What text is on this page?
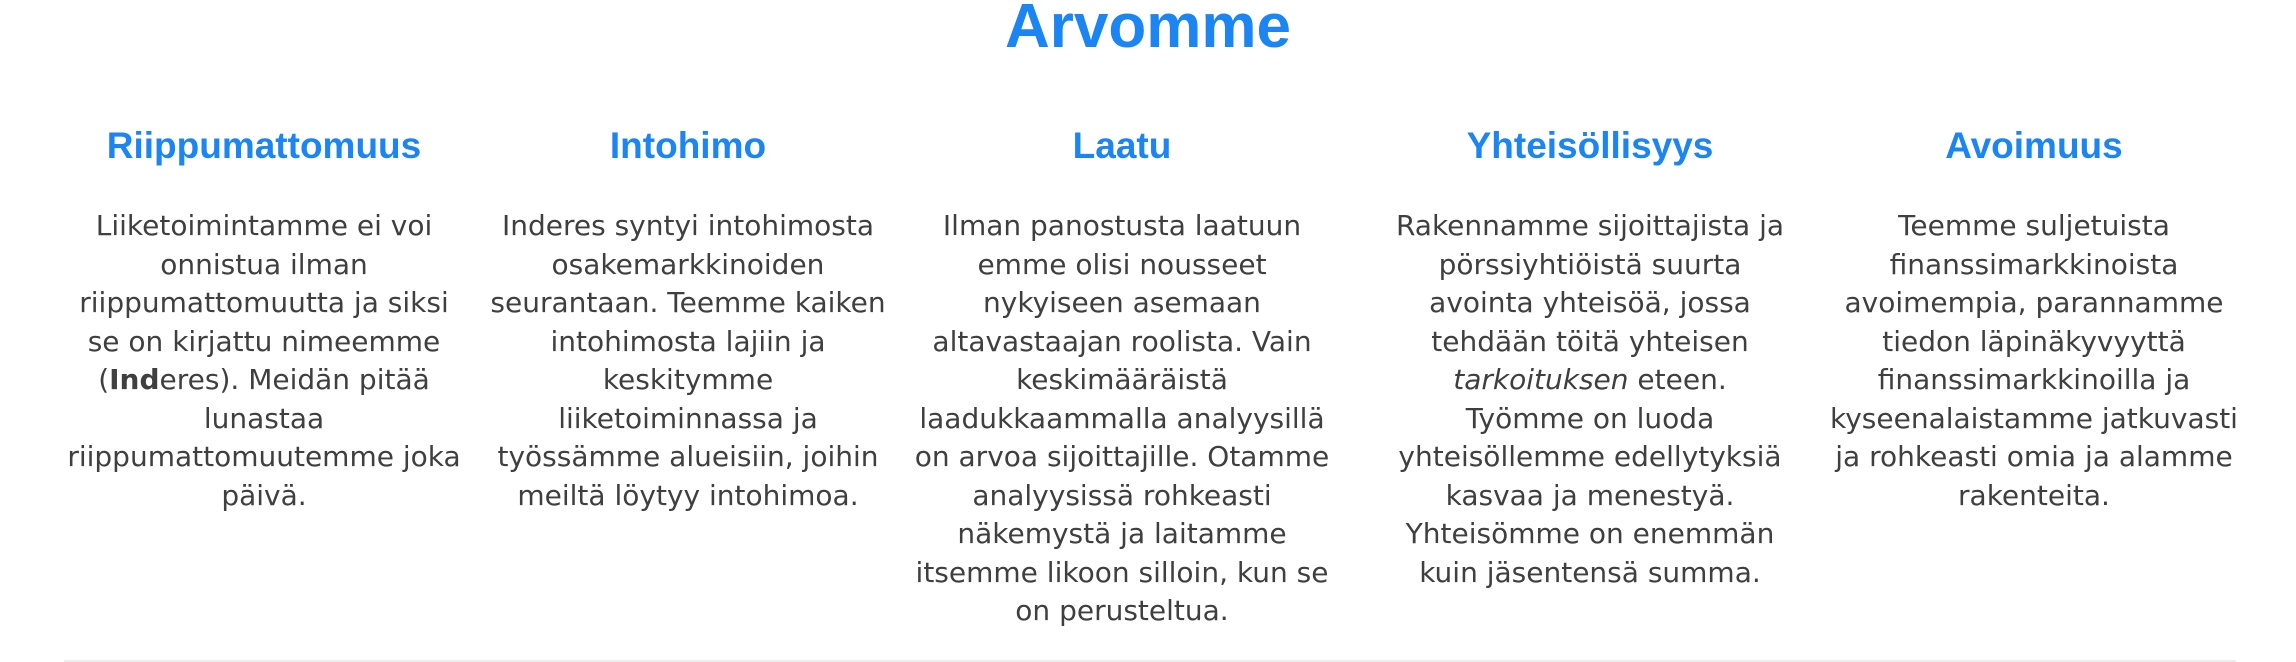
Arvomme
Riippumattomuus

Liiketoimintamme ei voi onnistua ilman riippumattomuutta ja siksi se on kirjattu nimeemme (Inderes). Meidän pitää lunastaa riippumattomuutemme joka päivä.

Intohimo

Inderes syntyi intohimosta osakemarkkinoiden seurantaan. Teemme kaiken intohimosta lajiin ja keskitymme liiketoiminnassa ja työssämme alueisiin, joihin meiltä löytyy intohimoa.

Laatu

Ilman panostusta laatuun emme olisi nousseet nykyiseen asemaan altavastaajan roolista. Vain keskimääräistä laadukkaammalla analyysillä on arvoa sijoittajille. Otamme analyysissä rohkeasti näkemystä ja laitamme itsemme likoon silloin, kun se on perusteltua.

Yhteisöllisyys

Rakennamme sijoittajista ja pörssiyhtiöistä suurta avointa yhteisöä, jossa tehdään töitä yhteisen tarkoituksen eteen. Työmme on luoda yhteisöllemme edellytyksiä kasvaa ja menestyä. Yhteisömme on enemmän kuin jäsentensä summa.

Avoimuus

Teemme suljetuista finanssimarkkinoista avoimempia, parannamme tiedon läpinäkyvyyttä finanssimarkkinoilla ja kyseenalaistamme jatkuvasti ja rohkeasti omia ja alamme rakenteita.
